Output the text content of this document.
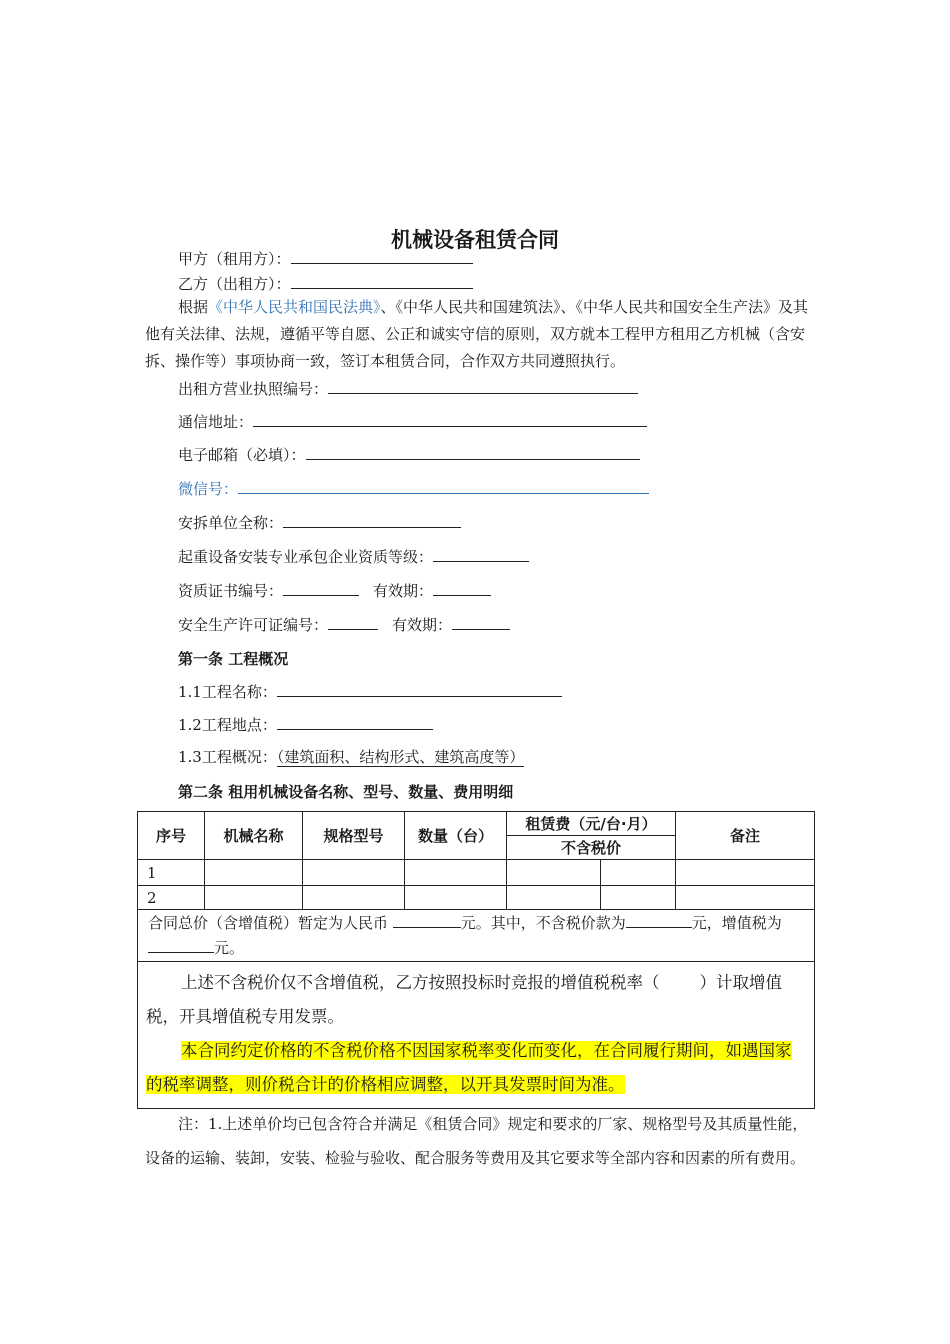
机械设备租赁合同
甲方（租用方）：
乙方（出租方）：
根据《中华人民共和国民法典》、《中华人民共和国建筑法》、《中华人民共和国安全生产法》及其他有关法律、法规，遵循平等自愿、公正和诚实守信的原则，双方就本工程甲方租用乙方机械（含安拆、操作等）事项协商一致，签订本租赁合同，合作双方共同遵照执行。
出租方营业执照编号：
通信地址：
电子邮箱（必填）：
微信号：
安拆单位全称：
起重设备安装专业承包企业资质等级：
资质证书编号：	有效期：
安全生产许可证编号：	有效期：
第一条 工程概况
1.1工程名称：
1.2工程地点：
1.3工程概况：（建筑面积、结构形式、建筑高度等）
第二条 租用机械设备名称、型号、数量、费用明细
序号	机械名称	规格型号	数量（台）	租赁费（元/台·月）		备注
				不含税价		
1						
2						
合同总价（含增值税）暂定为人民币 元。其中，不含税价款为 元，增值税为元。						

上述不含税价仅不含增值税，乙方按照投标时竞报的增值税税率（ ）计取增值税，开具增值税专用发票。
本合同约定价格的不含税价格不因国家税率变化而变化，在合同履行期间，如遇国家的税率调整，则价税合计的价格相应调整，以开具发票时间为准。						
注：1.上述单价均已包含符合并满足《租赁合同》规定和要求的厂家、规格型号及其质量性能，设备的运输、装卸，安装、检验与验收、配合服务等费用及其它要求等全部内容和因素的所有费用。
